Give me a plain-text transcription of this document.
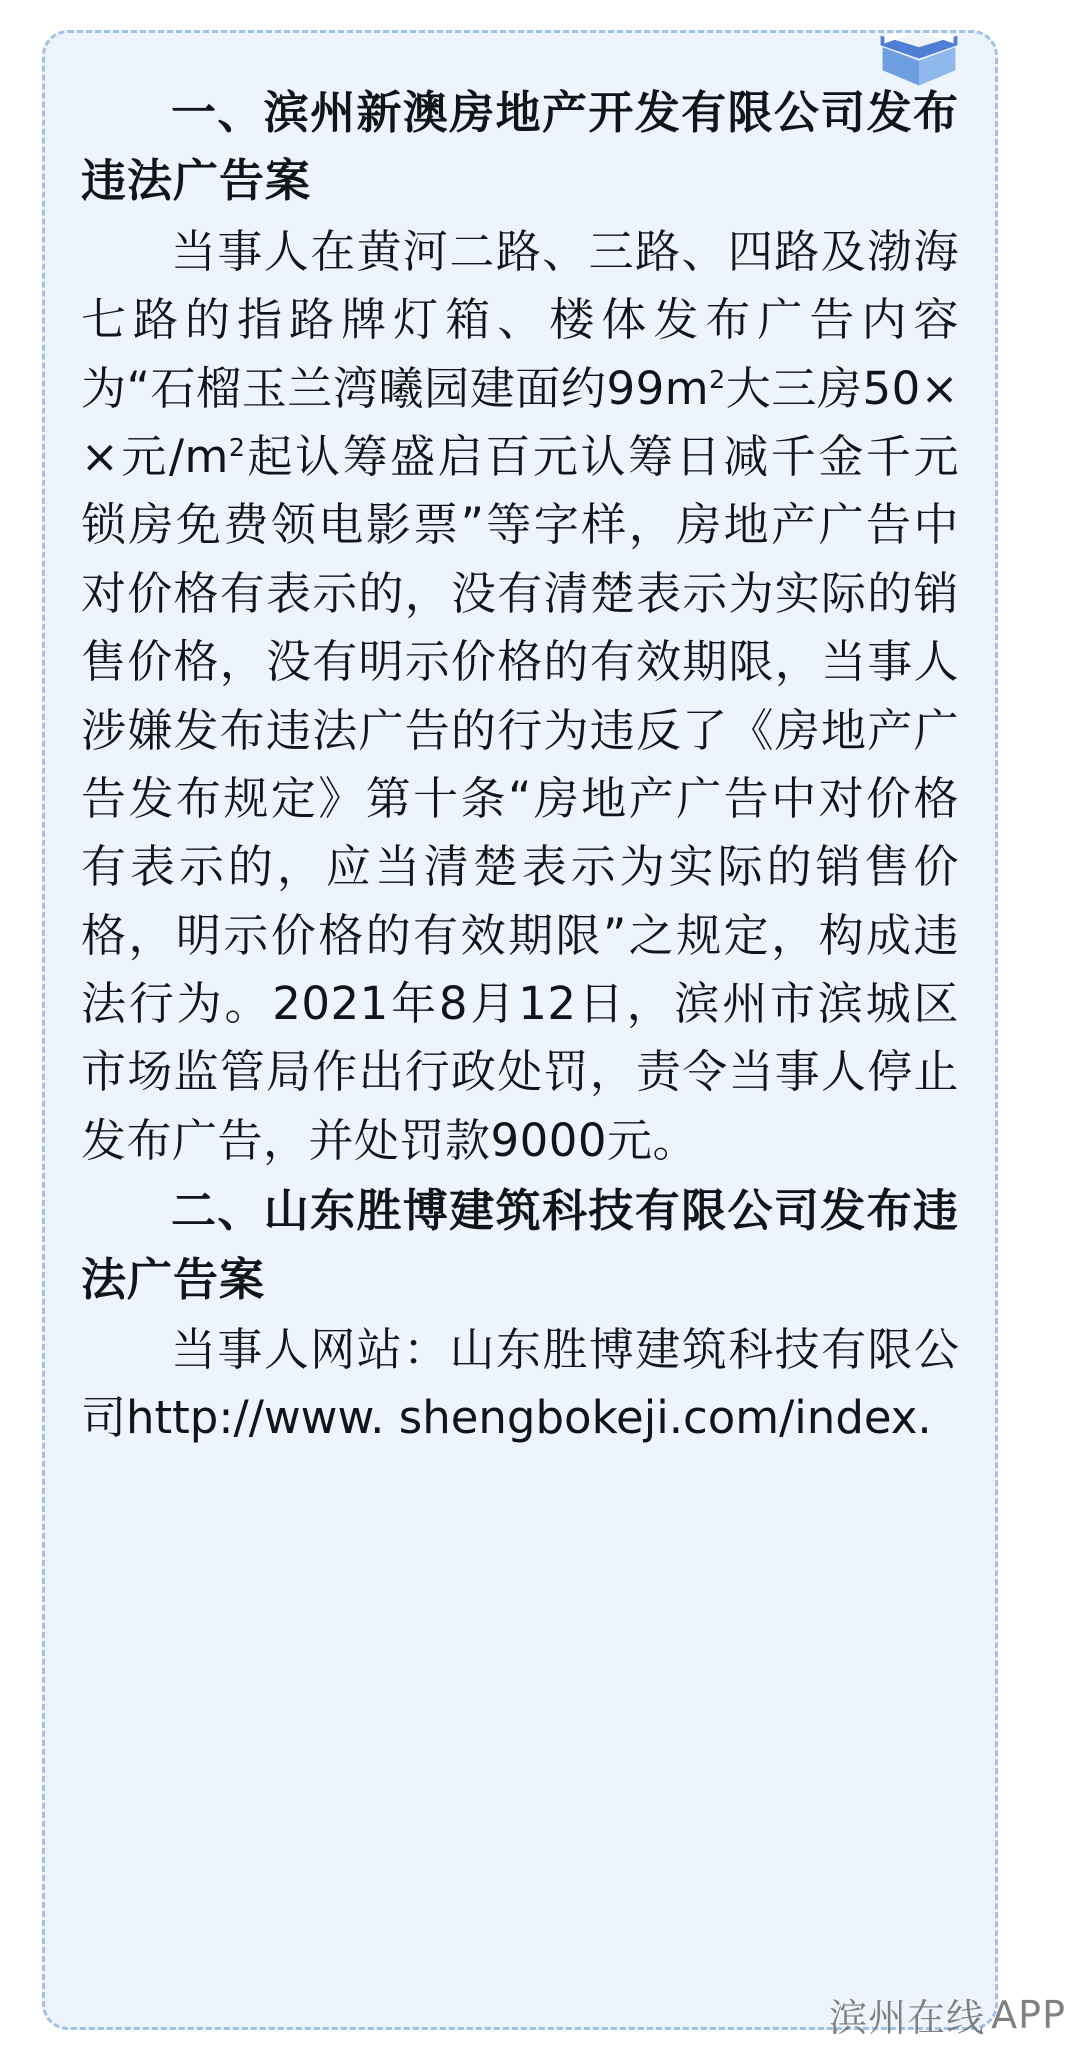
一、滨州新澳房地产开发有限公司发布违法广告案

当事人在黄河二路、三路、四路及渤海七路的指路牌灯箱、楼体发布广告内容为“石榴玉兰湾曦园建面约$99m^2$大三房50××元$/m^2$起认筹盛启百元认筹日减千金千元锁房免费领电影票”等字样，房地产广告中对价格有表示的，没有清楚表示为实际的销售价格，没有明示价格的有效期限，当事人涉嫌发布违法广告的行为违反了《房地产广告发布规定》第十条“房地产广告中对价格有表示的，应当清楚表示为实际的销售价格，明示价格的有效期限”之规定，构成违法行为。2021年8月12日，滨州市滨城区市场监管局作出行政处罚，责令当事人停止发布广告，并处罚款9000元。

二、山东胜博建筑科技有限公司发布违法广告案

当事人网站：山东胜博建筑科技有限公司http://www. shengbokeji.com/index.

滨州在线 APP
